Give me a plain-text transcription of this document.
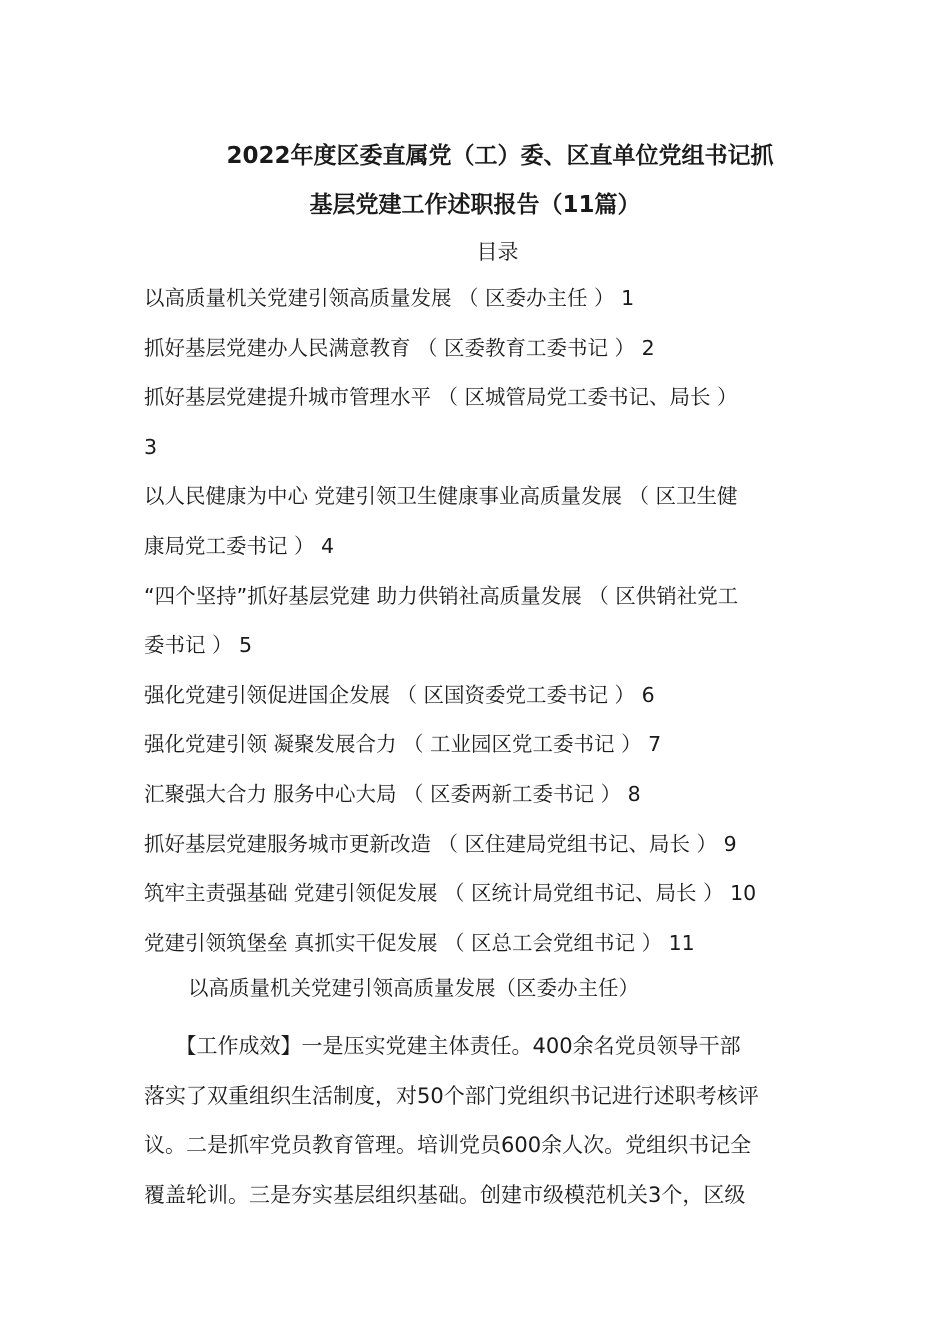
2022年度区委直属党（工）委、区直单位党组书记抓
基层党建工作述职报告（11篇）
目录
以高质量机关党建引领高质量发展 （ 区委办主任 ） 1
抓好基层党建办人民满意教育 （ 区委教育工委书记 ） 2
抓好基层党建提升城市管理水平 （ 区城管局党工委书记、局长 ）
3
以人民健康为中心 党建引领卫生健康事业高质量发展 （ 区卫生健
康局党工委书记 ） 4
“四个坚持”抓好基层党建 助力供销社高质量发展 （ 区供销社党工
委书记 ） 5
强化党建引领促进国企发展 （ 区国资委党工委书记 ） 6
强化党建引领 凝聚发展合力 （ 工业园区党工委书记 ） 7
汇聚强大合力 服务中心大局 （ 区委两新工委书记 ） 8
抓好基层党建服务城市更新改造 （ 区住建局党组书记、局长 ） 9
筑牢主责强基础 党建引领促发展 （ 区统计局党组书记、局长 ） 10
党建引领筑堡垒 真抓实干促发展 （ 区总工会党组书记 ） 11
以高质量机关党建引领高质量发展（区委办主任）
　　【工作成效】一是压实党建主体责任。400余名党员领导干部
落实了双重组织生活制度，对50个部门党组织书记进行述职考核评
议。二是抓牢党员教育管理。培训党员600余人次。党组织书记全
覆盖轮训。三是夯实基层组织基础。创建市级模范机关3个，区级
